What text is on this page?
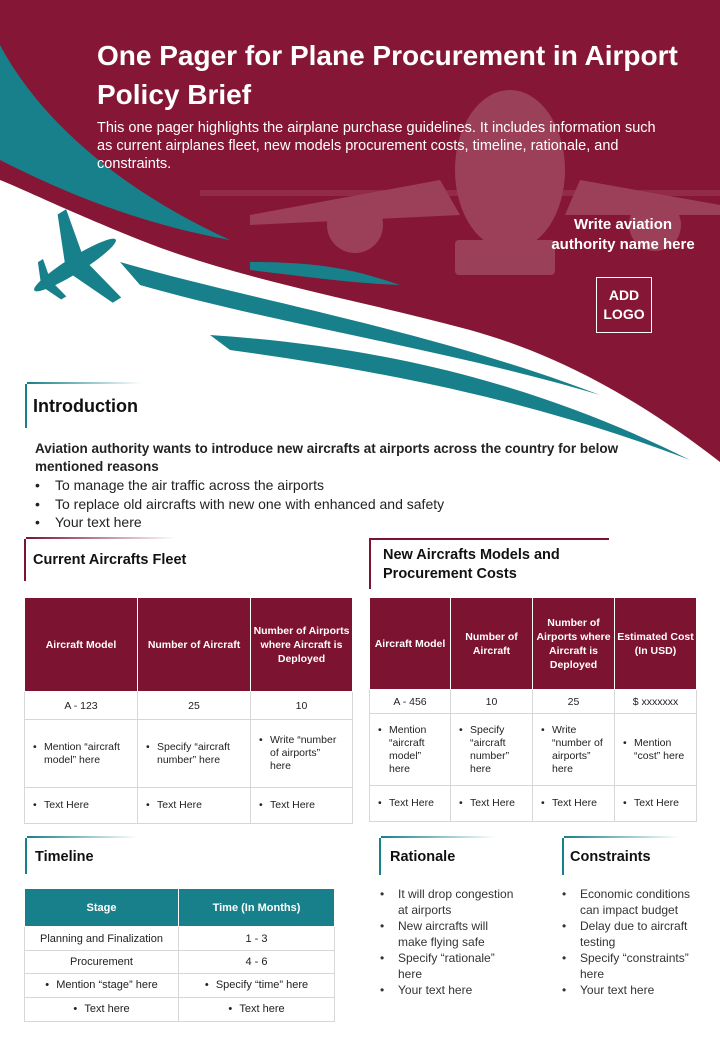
One Pager for Plane Procurement in Airport Policy Brief
This one pager highlights the airplane purchase guidelines. It includes information such as current airplanes fleet, new models procurement costs, timeline, rationale, and constraints.
Write aviation authority name here
ADD LOGO
Introduction
Aviation authority wants to introduce new aircrafts at airports across the country for below mentioned reasons
• To manage the air traffic across the airports
• To replace old aircrafts with new one with enhanced and safety
• Your text here
Current Aircrafts Fleet
Aircraft Model	Number of Aircraft	Number of Airports where Aircraft is Deployed
A - 123	25	10

• Mention “aircraft model” here	• Specify “aircraft number” here	• Write “number of airports” here

• Text Here	• Text Here	• Text Here
New Aircrafts Models and Procurement Costs
Aircraft Model	Number of Aircraft	Number of Airports where Aircraft is Deployed	Estimated Cost (In USD)
A - 456	10	25	$ xxxxxxx

• Mention “aircraft model” here	• Specify “aircraft number” here	• Write “number of airports” here	• Mention “cost” here

• Text Here	• Text Here	• Text Here	• Text Here
Timeline
Stage	Time (In Months)
Planning and Finalization	1 - 3
Procurement	4 - 6
• Mention “stage” here	• Specify “time” here
• Text here	• Text here
Rationale
• It will drop congestion at airports
• New aircrafts will make flying safe
• Specify “rationale” here
• Your text here
Constraints
• Economic conditions can impact budget
• Delay due to aircraft testing
• Specify “constraints” here
• Your text here
